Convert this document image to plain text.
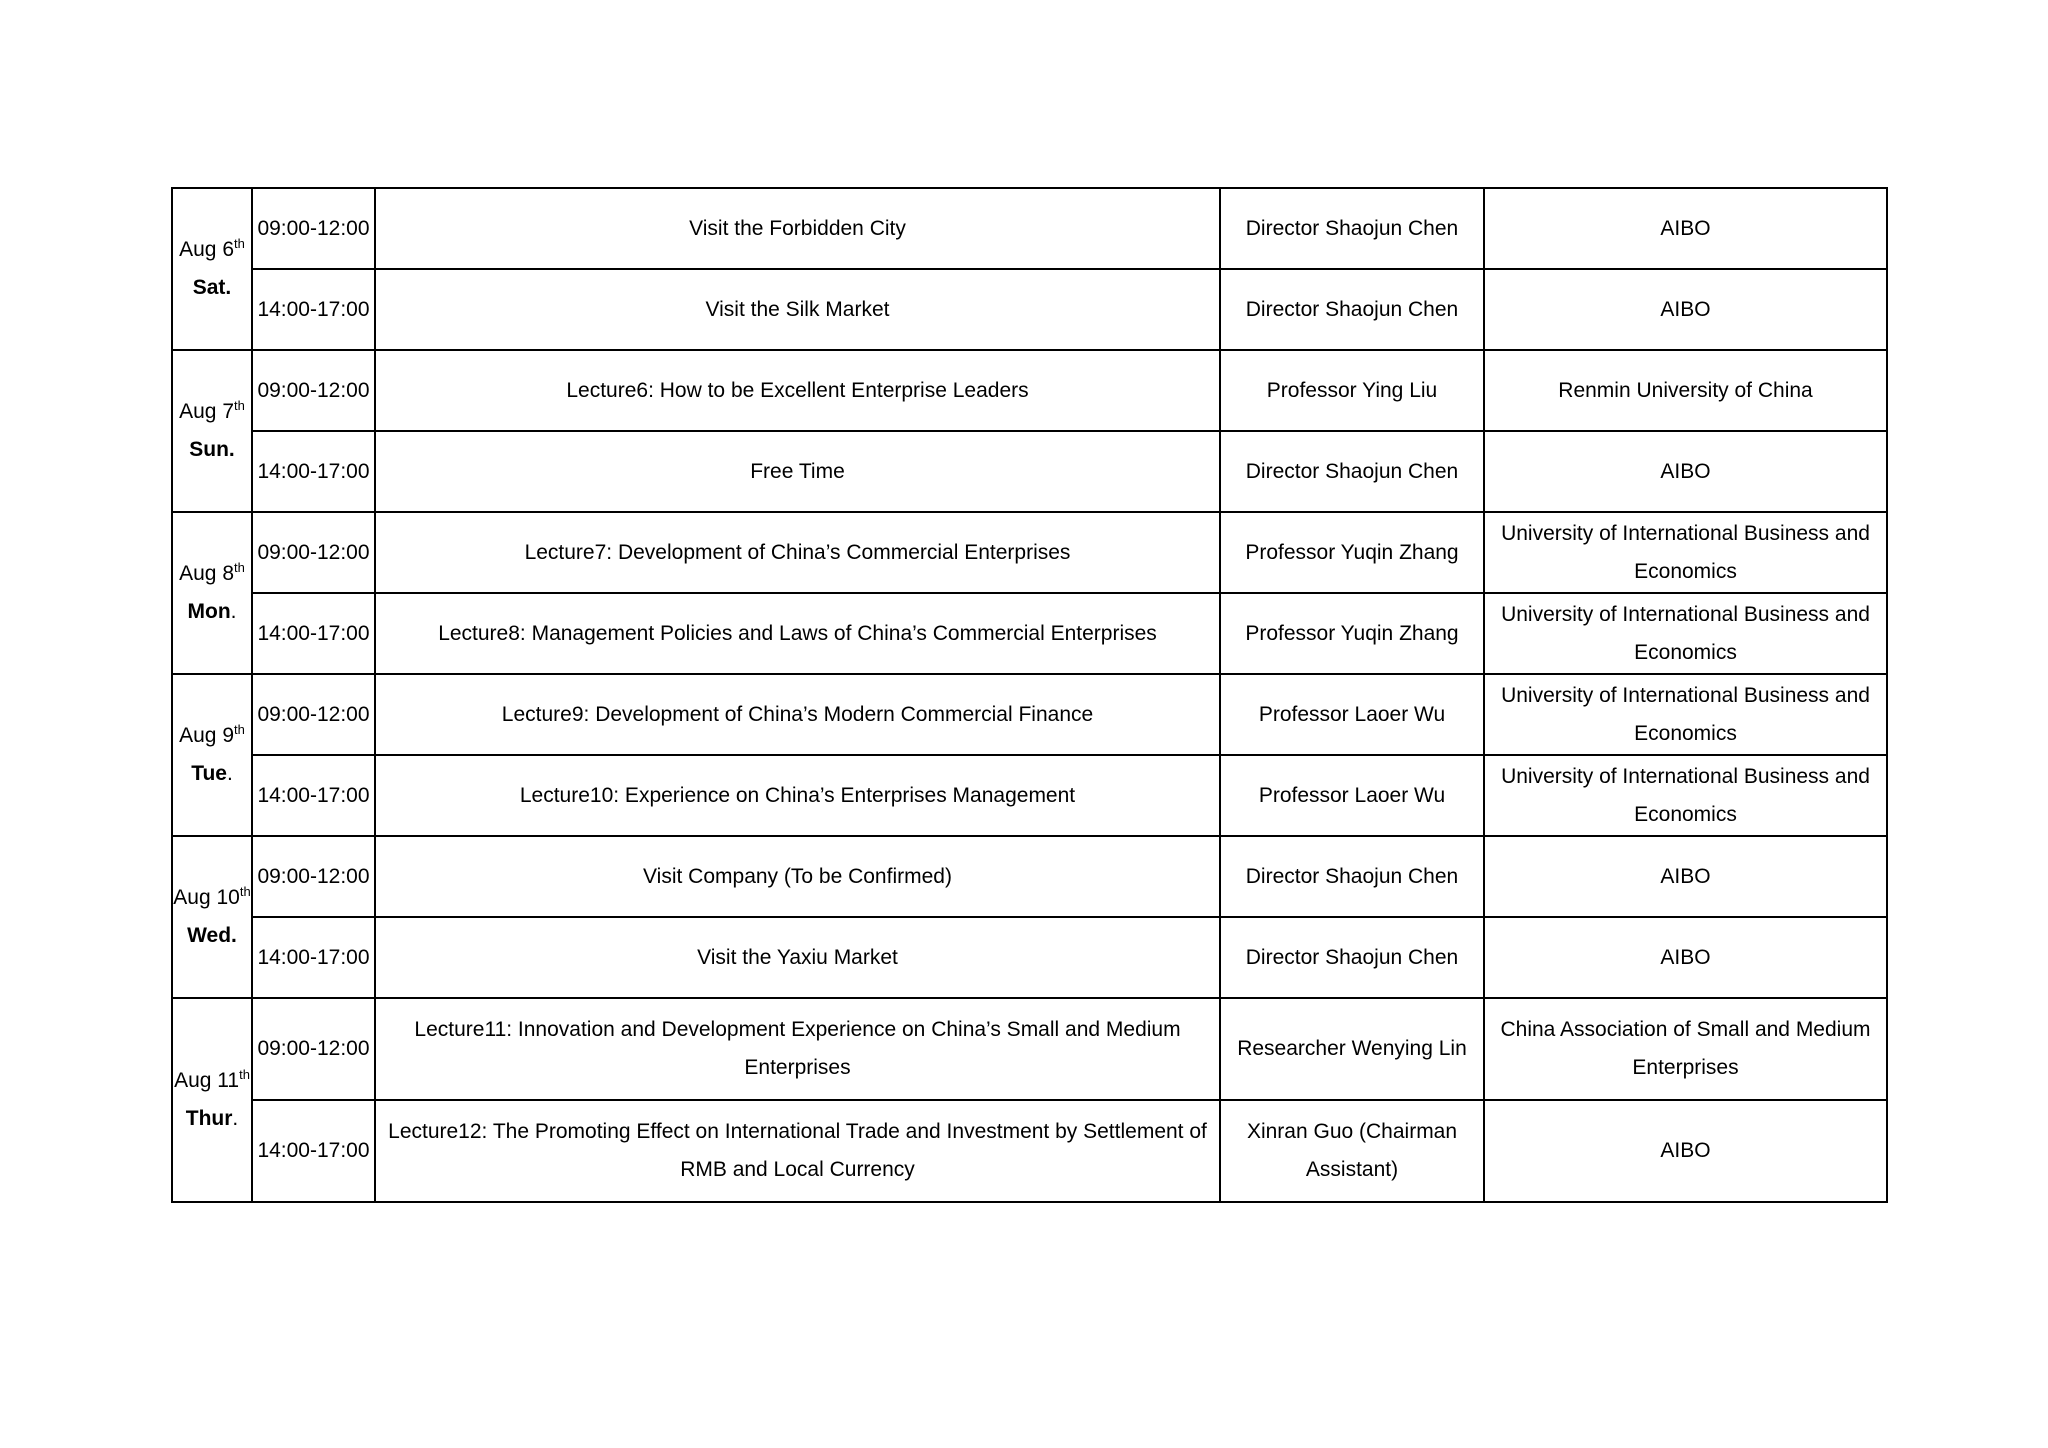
Aug 6th
Sat.	09:00-12:00	Visit the Forbidden City	Director Shaojun Chen	AIBO
	14:00-17:00	Visit the Silk Market	Director Shaojun Chen	AIBO

Aug 7th
Sun.	09:00-12:00	Lecture6: How to be Excellent Enterprise Leaders	Professor Ying Liu	Renmin University of China
	14:00-17:00	Free Time	Director Shaojun Chen	AIBO

Aug 8th
Mon.	09:00-12:00	Lecture7: Development of China’s Commercial Enterprises	Professor Yuqin Zhang	University of International Business and Economics
	14:00-17:00	Lecture8: Management Policies and Laws of China’s Commercial Enterprises	Professor Yuqin Zhang	University of International Business and Economics

Aug 9th
Tue.	09:00-12:00	Lecture9: Development of China’s Modern Commercial Finance	Professor Laoer Wu	University of International Business and Economics
	14:00-17:00	Lecture10: Experience on China’s Enterprises Management	Professor Laoer Wu	University of International Business and Economics

Aug 10th
Wed.	09:00-12:00	Visit Company (To be Confirmed)	Director Shaojun Chen	AIBO
	14:00-17:00	Visit the Yaxiu Market	Director Shaojun Chen	AIBO

Aug 11th
Thur.	09:00-12:00	Lecture11: Innovation and Development Experience on China’s Small and Medium Enterprises	Researcher Wenying Lin	China Association of Small and Medium Enterprises
	14:00-17:00	Lecture12: The Promoting Effect on International Trade and Investment by Settlement of RMB and Local Currency	Xinran Guo (Chairman Assistant)	AIBO
